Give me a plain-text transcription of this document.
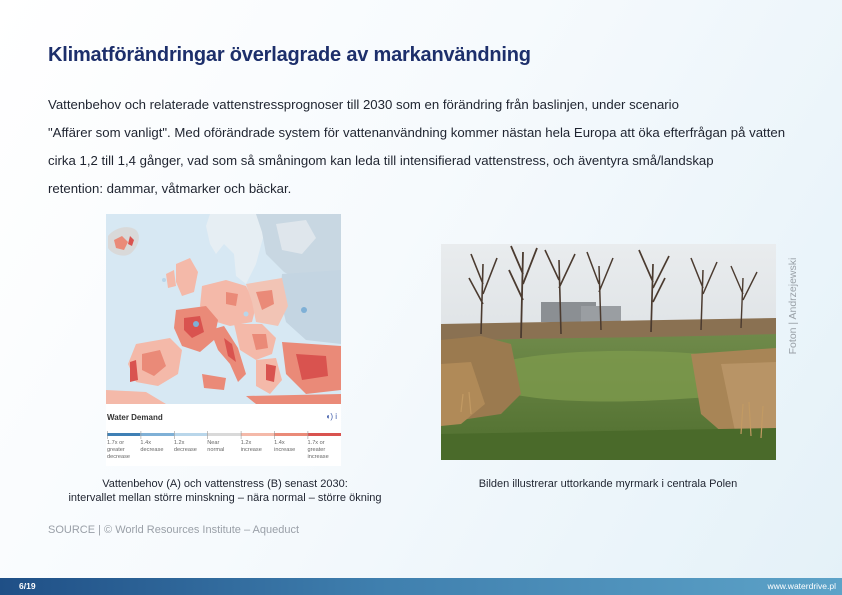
Klimatförändringar överlagrade av markanvändning
Vattenbehov och relaterade vattenstressprognoser till 2030 som en förändring från baslinjen, under scenario
"Affärer som vanligt". Med oförändrade system för vattenanvändning kommer nästan hela Europa att öka efterfrågan på vatten
cirka 1,2 till 1,4 gånger, vad som så småningom kan leda till intensifierad vattenstress, och äventyra små/landskap
retention: dammar, våtmarker och bäckar.
Water Demand	◖) i
1.7x or
greater
decrease
1.4x
decrease
1.2x
decrease
Near
normal
1.2x
increase
1.4x
increase
1.7x or
greater
increase
Vattenbehov (A) och vattenstress (B) senast 2030:
intervallet mellan större minskning – nära normal – större ökning
Foton | Andrzejewski
Bilden illustrerar uttorkande myrmark i centrala Polen
SOURCE | © World Resources Institute – Aqueduct
6/19	www.waterdrive.pl
